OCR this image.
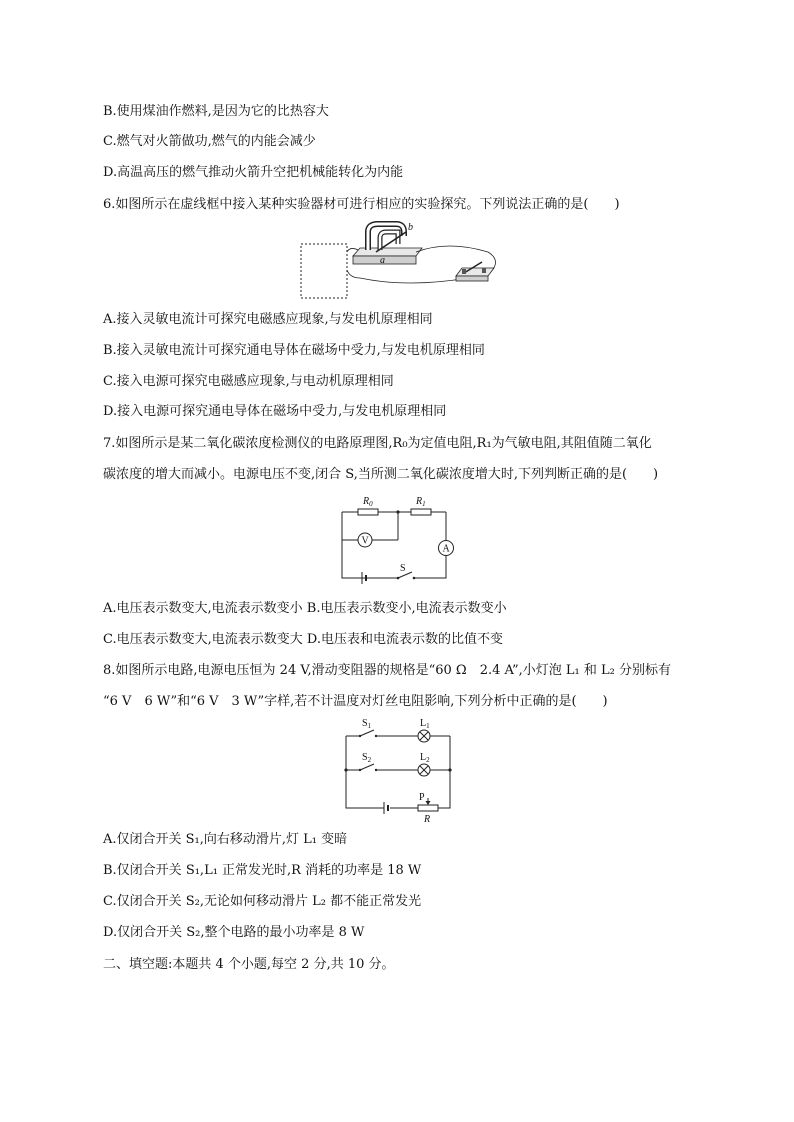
B.使用煤油作燃料,是因为它的比热容大
C.燃气对火箭做功,燃气的内能会减少
D.高温高压的燃气推动火箭升空把机械能转化为内能
6.如图所示在虚线框中接入某种实验器材可进行相应的实验探究。下列说法正确的是(　　)
b
a
A.接入灵敏电流计可探究电磁感应现象,与发电机原理相同
B.接入灵敏电流计可探究通电导体在磁场中受力,与发电机原理相同
C.接入电源可探究电磁感应现象,与电动机原理相同
D.接入电源可探究通电导体在磁场中受力,与发电机原理相同
7.如图所示是某二氧化碳浓度检测仪的电路原理图,R₀为定值电阻,R₁为气敏电阻,其阻值随二氧化
碳浓度的增大而减小。电源电压不变,闭合 S,当所测二氧化碳浓度增大时,下列判断正确的是(　　)
V
A
S
$R_0$	$R_1$
A.电压表示数变大,电流表示数变小 B.电压表示数变小,电流表示数变小
C.电压表示数变大,电流表示数变大 D.电压表和电流表示数的比值不变
8.如图所示电路,电源电压恒为 24 V,滑动变阻器的规格是“60 Ω　2.4 A”,小灯泡 L₁ 和 L₂ 分别标有
“6 V　6 W”和“6 V　3 W”字样,若不计温度对灯丝电阻影响,下列分析中正确的是(　　)
P
R
$S_1$
$S_2$
$L_1$
$L_2$
A.仅闭合开关 S₁,向右移动滑片,灯 L₁ 变暗
B.仅闭合开关 S₁,L₁ 正常发光时,R 消耗的功率是 18 W
C.仅闭合开关 S₂,无论如何移动滑片 L₂ 都不能正常发光
D.仅闭合开关 S₂,整个电路的最小功率是 8 W
二、填空题:本题共 4 个小题,每空 2 分,共 10 分。
